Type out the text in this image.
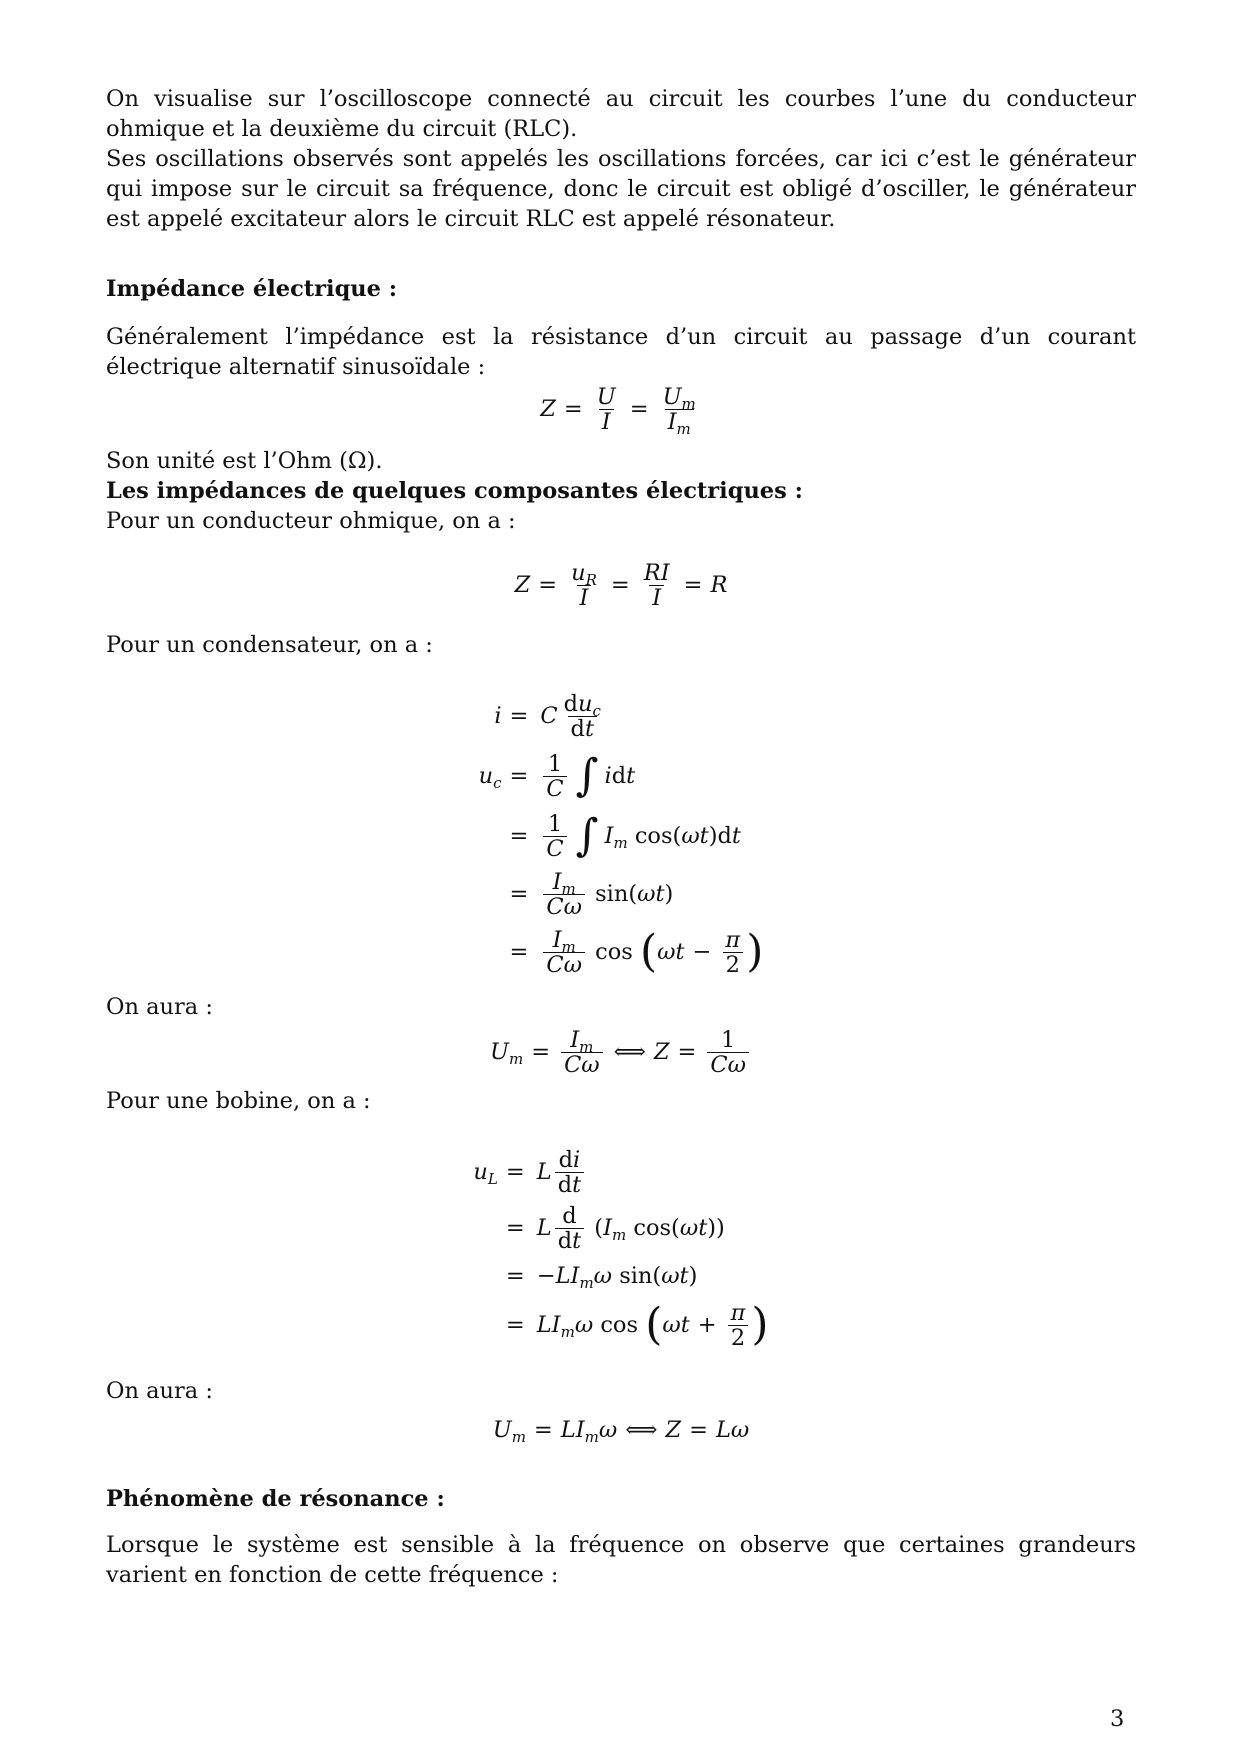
On visualise sur l’oscilloscope connecté au circuit les courbes l’une du conducteur ohmique et la deuxième du circuit (RLC).

Ses oscillations observés sont appelés les oscillations forcées, car ici c’est le générateur qui impose sur le circuit sa fréquence, donc le circuit est obligé d’osciller, le générateur est appelé excitateur alors le circuit RLC est appelé résonateur.

Impédance électrique :

Généralement l’impédance est la résistance d’un circuit au passage d’un courant électrique alternatif sinusoïdale :

$Z = \frac{U}{I} = \frac{U_m}{I_m}$

Son unité est l’Ohm (Ω).

Les impédances de quelques composantes électriques :

Pour un conducteur ohmique, on a :

$Z = \frac{u_R}{I} = \frac{RI}{I} = R$

Pour un condensateur, on a :

i = C $\frac{du_c}{dt}$
$u_c = \frac{1}{C}$ ∫ i d t
= $\frac{1}{C}$ ∫ $I_m$
cos( ωt )d t
= $\frac{I_m}{C\omega}$
sin( ωt )
= $\frac{I_m}{C\omega}$
cos
( $\omega t - \frac{\pi}{2}$ )

On aura :

$U_m = \frac{I_m}{C\omega}$ ⟺ $Z = \frac{1}{C\omega}$

Pour une bobine, on a :

$u_L = L \frac{di}{dt}$
= L $\frac{d}{dt}$
( $I_m$
cos( ωt ))
= − $LI_m\omega$
sin( ωt )
= $LI_m\omega$
cos
( $\omega t + \frac{\pi}{2}$ )

On aura :

$U_m = LI_m\omega$ ⟺ Z = Lω

Phénomène de résonance :

Lorsque le système est sensible à la fréquence on observe que certaines grandeurs varient en fonction de cette fréquence :

3
